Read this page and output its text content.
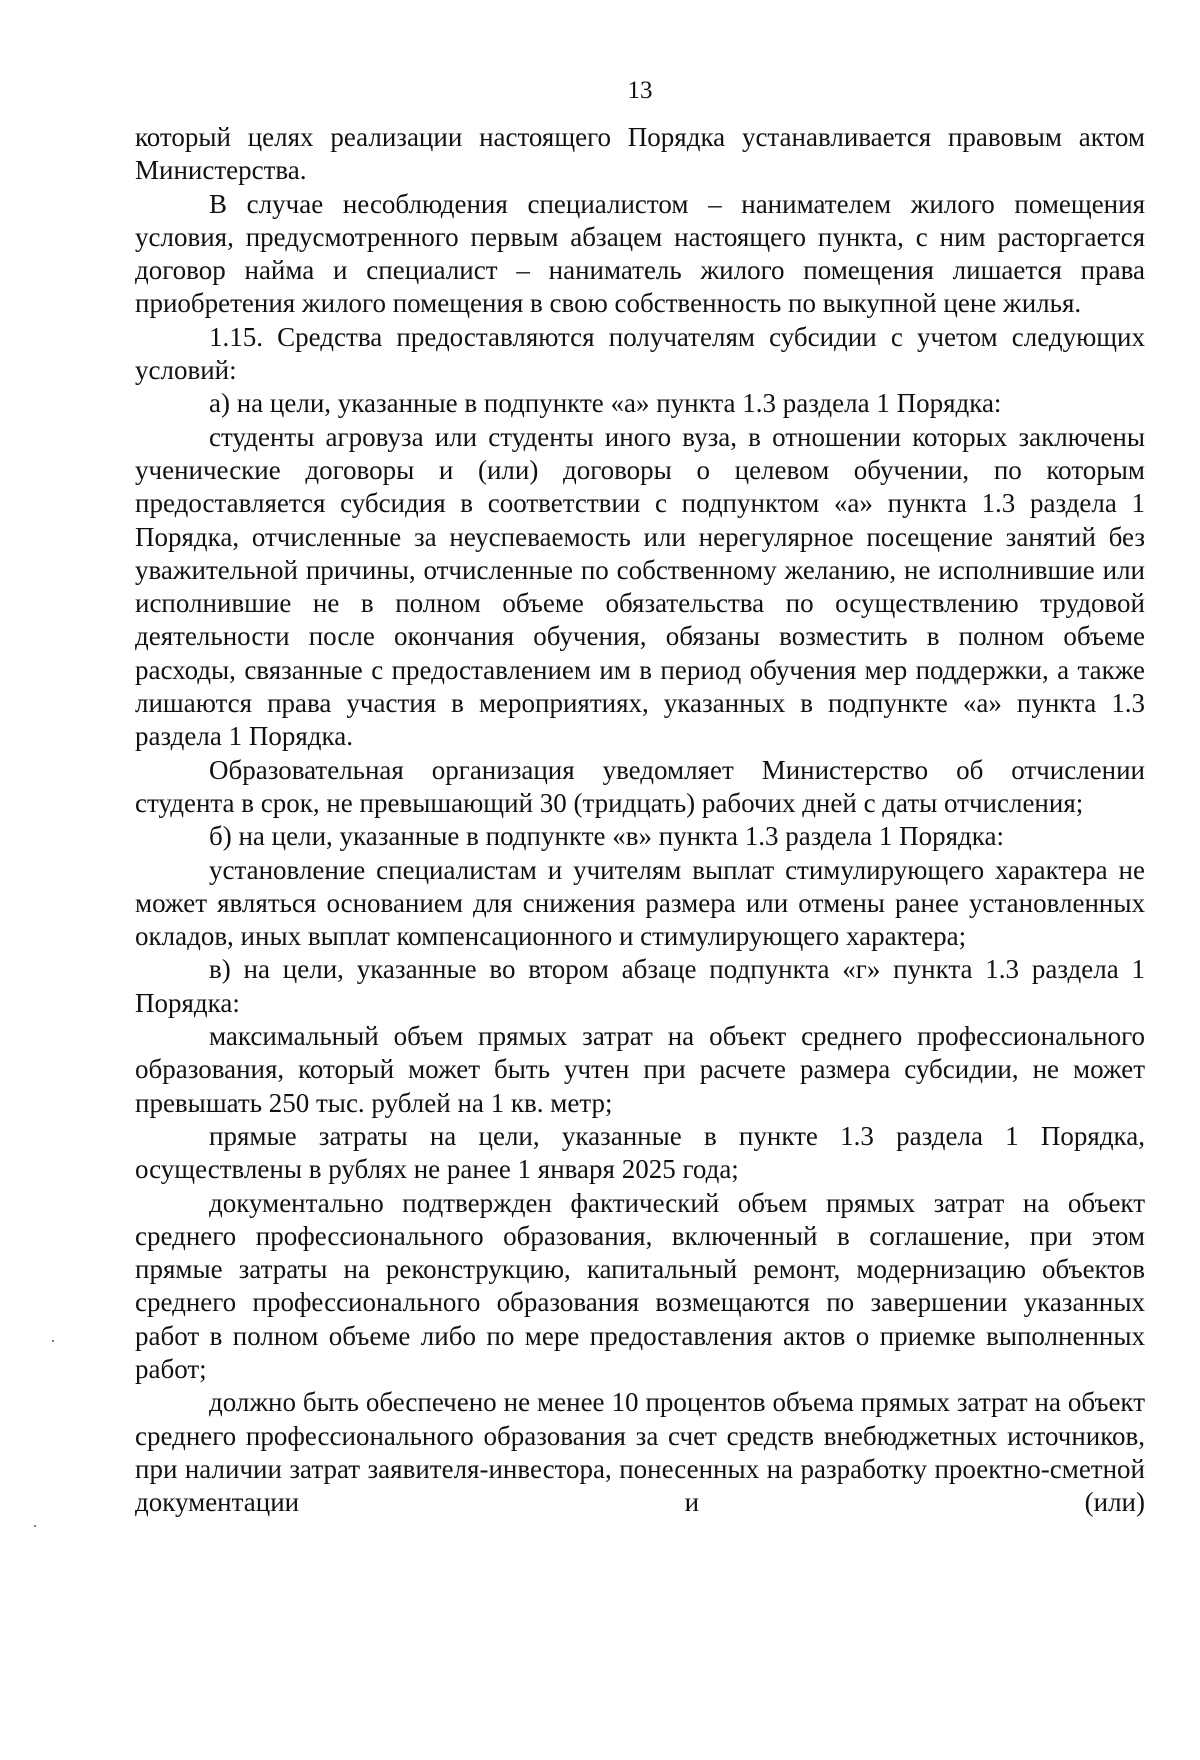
13

который целях реализации настоящего Порядка устанавливается правовым актом Министерства.

В случае несоблюдения специалистом – нанимателем жилого помещения условия, предусмотренного первым абзацем настоящего пункта, с ним расторгается договор найма и специалист – наниматель жилого помещения лишается права приобретения жилого помещения в свою собственность по выкупной цене жилья.

1.15. Средства предоставляются получателям субсидии с учетом следующих условий:

а) на цели, указанные в подпункте «а» пункта 1.3 раздела 1 Порядка:

студенты агровуза или студенты иного вуза, в отношении которых заключены ученические договоры и (или) договоры о целевом обучении, по которым предоставляется субсидия в соответствии с подпунктом «а» пункта 1.3 раздела 1 Порядка, отчисленные за неуспеваемость или нерегулярное посещение занятий без уважительной причины, отчисленные по собственному желанию, не исполнившие или исполнившие не в полном объеме обязательства по осуществлению трудовой деятельности после окончания обучения, обязаны возместить в полном объеме расходы, связанные с предоставлением им в период обучения мер поддержки, а также лишаются права участия в мероприятиях, указанных в подпункте «а» пункта 1.3 раздела 1 Порядка.

Образовательная организация уведомляет Министерство об отчислении студента в срок, не превышающий 30 (тридцать) рабочих дней с даты отчисления;

б) на цели, указанные в подпункте «в» пункта 1.3 раздела 1 Порядка:

установление специалистам и учителям выплат стимулирующего характера не может являться основанием для снижения размера или отмены ранее установленных окладов, иных выплат компенсационного и стимулирующего характера;

в) на цели, указанные во втором абзаце подпункта «г» пункта 1.3 раздела 1 Порядка:

максимальный объем прямых затрат на объект среднего профессионального образования, который может быть учтен при расчете размера субсидии, не может превышать 250 тыс. рублей на 1 кв. метр;

прямые затраты на цели, указанные в пункте 1.3 раздела 1 Порядка, осуществлены в рублях не ранее 1 января 2025 года;

документально подтвержден фактический объем прямых затрат на объект среднего профессионального образования, включенный в соглашение, при этом прямые затраты на реконструкцию, капитальный ремонт, модернизацию объектов среднего профессионального образования возмещаются по завершении указанных работ в полном объеме либо по мере предоставления актов о приемке выполненных работ;

должно быть обеспечено не менее 10 процентов объема прямых затрат на объект среднего профессионального образования за счет средств внебюджетных источников, при наличии затрат заявителя-инвестора, понесенных на разработку проектно-сметной документации и (или)
